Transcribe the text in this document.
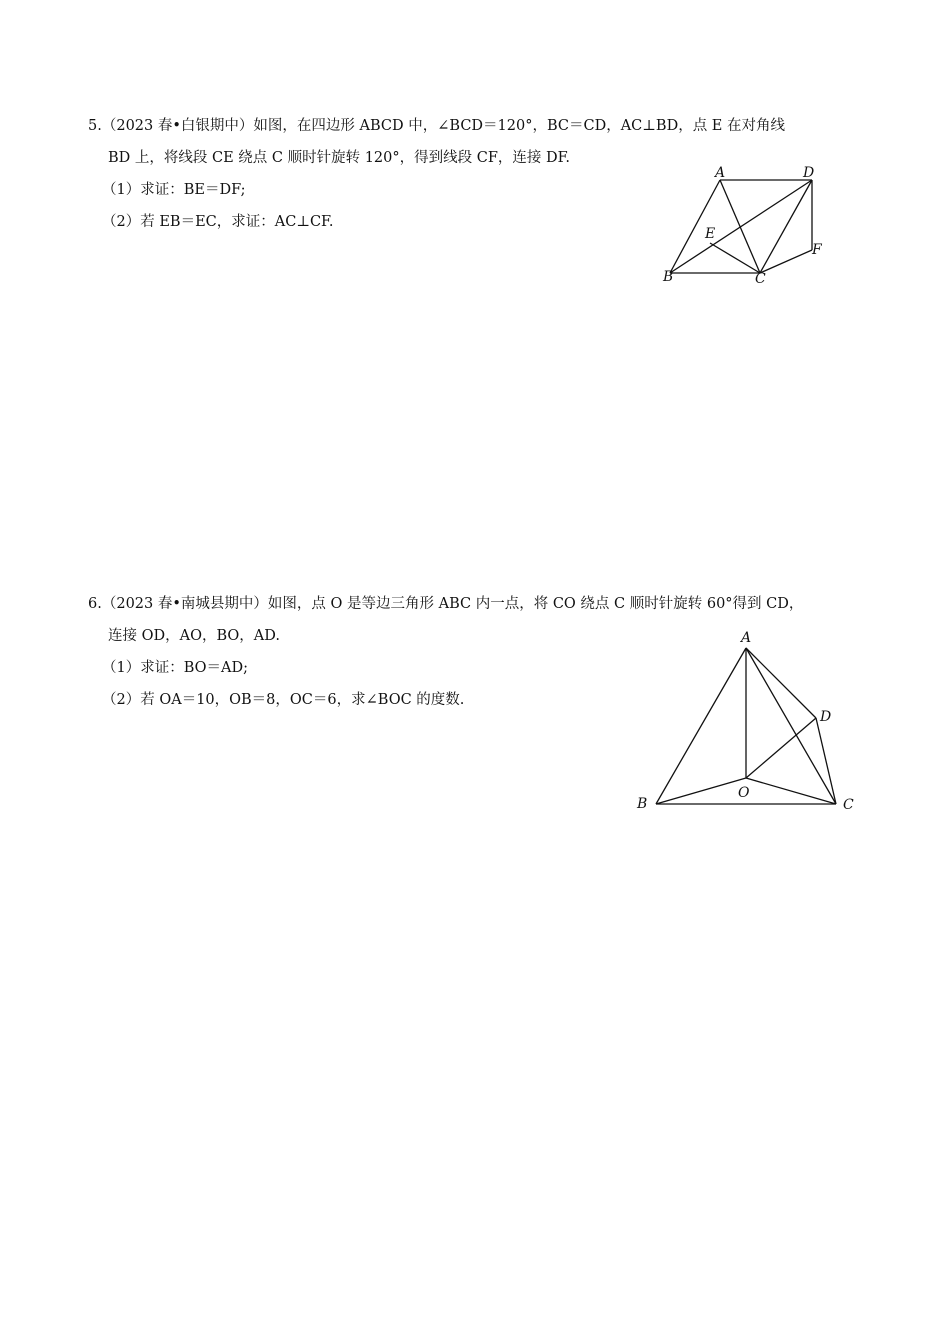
5.（2023 春•白银期中）如图，在四边形 ABCD 中，∠BCD＝120°，BC＝CD，AC⊥BD，点 E 在对角线
BD 上，将线段 CE 绕点 C 顺时针旋转 120°，得到线段 CF，连接 DF.
（1）求证：BE＝DF;
（2）若 EB＝EC，求证：AC⊥CF.
A	D
E
F
B	C
6.（2023 春•南城县期中）如图，点 O 是等边三角形 ABC 内一点，将 CO 绕点 C 顺时针旋转 60°得到 CD，
连接 OD，AO，BO，AD.
（1）求证：BO＝AD;
（2）若 OA＝10，OB＝8，OC＝6，求∠BOC 的度数.
A
D
O
B	C
